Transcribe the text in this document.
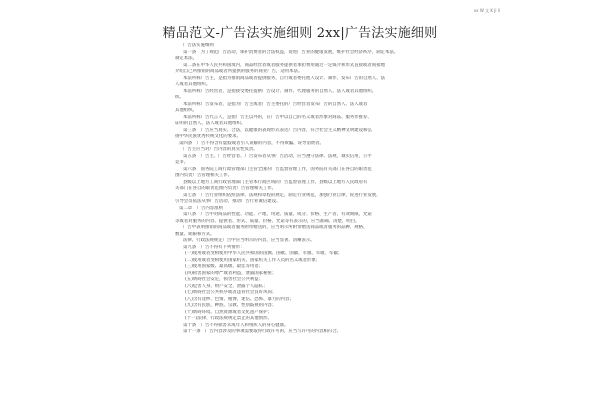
xx W 文 K Ji ll
精品范文-广告法实施细则 2xx|广告法实施细则
广告法实施细则
第一条　为了规范广告活动，保护消费者的合法权益，促进广告业的健康发展，维护社会经济秩序，制定本法。
制定本法。
第二条在中华人民共和国境内，商品经营者或者服务提供者承担费用通过一定媒介和形式直接或者间接地
介绍自己所推销的商品或者所提供的服务的商业广告，适用本法。
本法所称广告主，是指为推销商品或者提供服务，自行或者委托他人设计、制作、发布广告的自然人、法
人或者其他组织。
本法所称广告经营者，是指接受委托提供广告设计、制作、代理服务的自然人、法人或者其他组织。
织。
本法所称广告发布者，是指为广告主或者广告主委托的广告经营者发布广告的自然人、法人或者
其他组织。
本法所称广告代言人，是指广告主以外的，在广告中以自己的名义或者形象对商品、服务作推荐、
证明的自然人、法人或者其他组织。
第三条　广告应当真实、合法，以健康的表现形式表达广告内容，符合社会主义精神文明建设和弘
扬中华民族优秀传统文化的要求。
第四条　广告不得含有虚假或者引人误解的内容，不得欺骗、误导消费者。
广告主应当对广告内容的真实性负责。
第五条　广告主、广告经营者、广告发布者从事广告活动，应当遵守法律、法规，诚实信用，公平
竞争。
第六条　国务院工商行政管理部门主管全国的广告监督管理工作，国务院有关部门在各自的职责范
围内负责广告管理相关工作。
县级以上地方工商行政管理部门主管本行政区域的广告监督管理工作，县级以上地方人民政府有
关部门在各自的职责范围内负责广告管理相关工作。
第七条　广告行业组织依照法律、法规和章程的规定，制定行业规范，加强行业自律，促进行业发展，
引导会员依法从事广告活动，推动广告行业诚信建设。
第二章　广告内容准则
第八条　广告中对商品的性能、功能、产地、用途、质量、成分、价格、生产者、有效期限、允诺
等或者对服务的内容、提供者、形式、质量、价格、允诺等有表示的，应当准确、清楚、明白。
广告中表明推销的商品或者服务附带赠送的，应当明示所附带赠送商品或者服务的品种、规格、
数量、期限和方式。
法律、行政法规规定广告中应当明示的内容，应当显著、清晰表示。
第九条　广告不得有下列情形：
(一)使用或者变相使用中华人民共和国的国旗、国歌、国徽，军旗、军歌、军徽；
(二)使用或者变相使用国家机关、国家机关工作人员的名义或者形象；
(三)使用国家级、最高级、最佳等用语；
(四)损害国家的尊严或者利益，泄露国家秘密；
(五)妨碍社会安定，损害社会公共利益；
(六)危害人身、财产安全，泄露个人隐私；
(七)妨碍社会公共秩序或者违背社会良好风尚；
(八)含有淫秽、色情、赌博、迷信、恐怖、暴力的内容；
(九)含有民族、种族、宗教、性别歧视的内容；
(十)妨碍环境、自然资源或者文化遗产保护；
(十一)法律、行政法规规定禁止的其他情形。
第十条　广告不得损害未成年人和残疾人的身心健康。
第十一条　广告内容涉及的事项需要取得行政许可的，应当与许可的内容相符合。
